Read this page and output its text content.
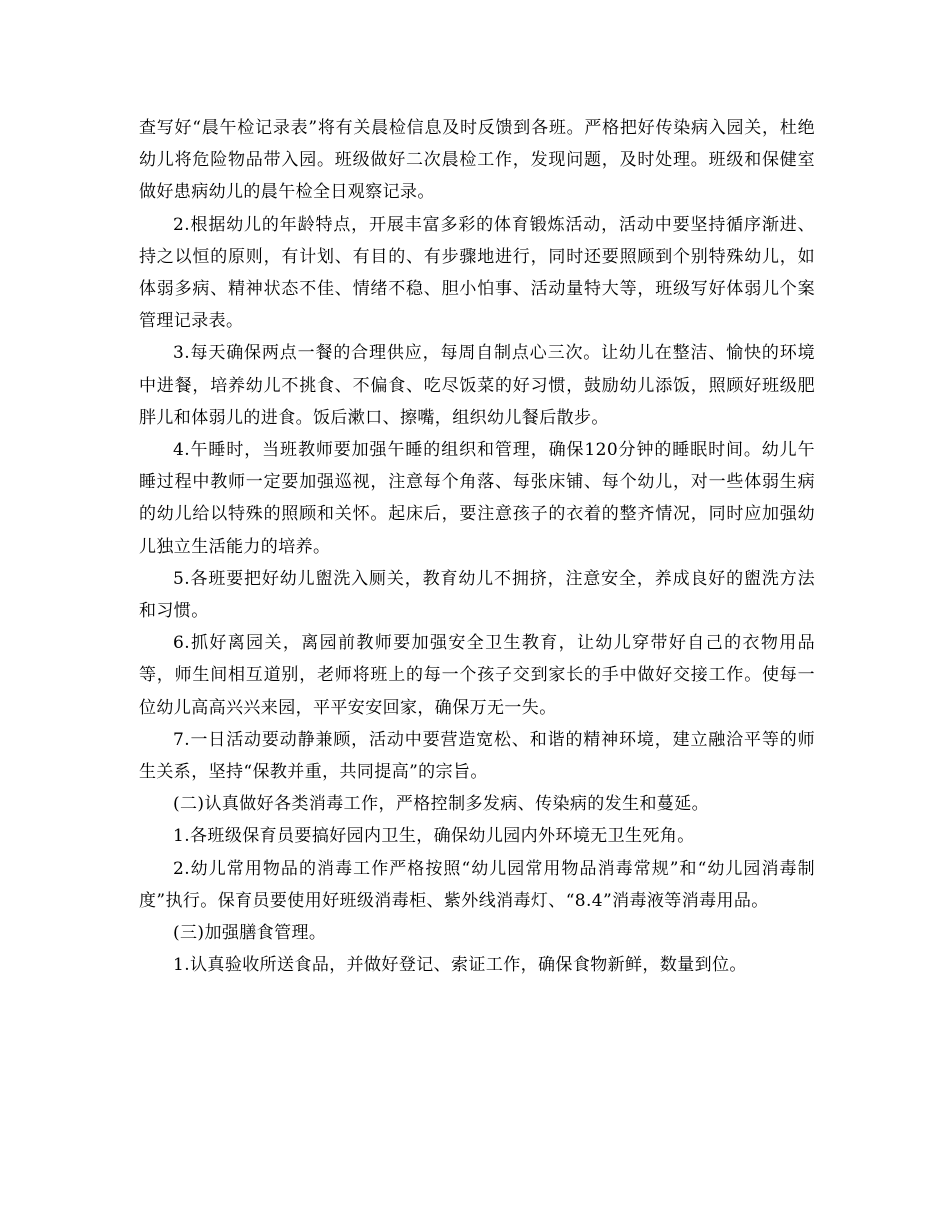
查写好“晨午检记录表”将有关晨检信息及时反馈到各班。严格把好传染病入园关，杜绝幼儿将危险物品带入园。班级做好二次晨检工作，发现问题，及时处理。班级和保健室做好患病幼儿的晨午检全日观察记录。

2.根据幼儿的年龄特点，开展丰富多彩的体育锻炼活动，活动中要坚持循序渐进、持之以恒的原则，有计划、有目的、有步骤地进行，同时还要照顾到个别特殊幼儿，如体弱多病、精神状态不佳、情绪不稳、胆小怕事、活动量特大等，班级写好体弱儿个案管理记录表。

3.每天确保两点一餐的合理供应，每周自制点心三次。让幼儿在整洁、愉快的环境中进餐，培养幼儿不挑食、不偏食、吃尽饭菜的好习惯，鼓励幼儿添饭，照顾好班级肥胖儿和体弱儿的进食。饭后漱口、擦嘴，组织幼儿餐后散步。

4.午睡时，当班教师要加强午睡的组织和管理，确保120分钟的睡眠时间。幼儿午睡过程中教师一定要加强巡视，注意每个角落、每张床铺、每个幼儿，对一些体弱生病的幼儿给以特殊的照顾和关怀。起床后，要注意孩子的衣着的整齐情况，同时应加强幼儿独立生活能力的培养。

5.各班要把好幼儿盥洗入厕关，教育幼儿不拥挤，注意安全，养成良好的盥洗方法和习惯。

6.抓好离园关，离园前教师要加强安全卫生教育，让幼儿穿带好自己的衣物用品等，师生间相互道别，老师将班上的每一个孩子交到家长的手中做好交接工作。使每一位幼儿高高兴兴来园，平平安安回家，确保万无一失。

7.一日活动要动静兼顾，活动中要营造宽松、和谐的精神环境，建立融洽平等的师生关系，坚持“保教并重，共同提高”的宗旨。

(二)认真做好各类消毒工作，严格控制多发病、传染病的发生和蔓延。

1.各班级保育员要搞好园内卫生，确保幼儿园内外环境无卫生死角。

2.幼儿常用物品的消毒工作严格按照“幼儿园常用物品消毒常规”和“幼儿园消毒制度”执行。保育员要使用好班级消毒柜、紫外线消毒灯、“8.4”消毒液等消毒用品。

(三)加强膳食管理。

1.认真验收所送食品，并做好登记、索证工作，确保食物新鲜，数量到位。
